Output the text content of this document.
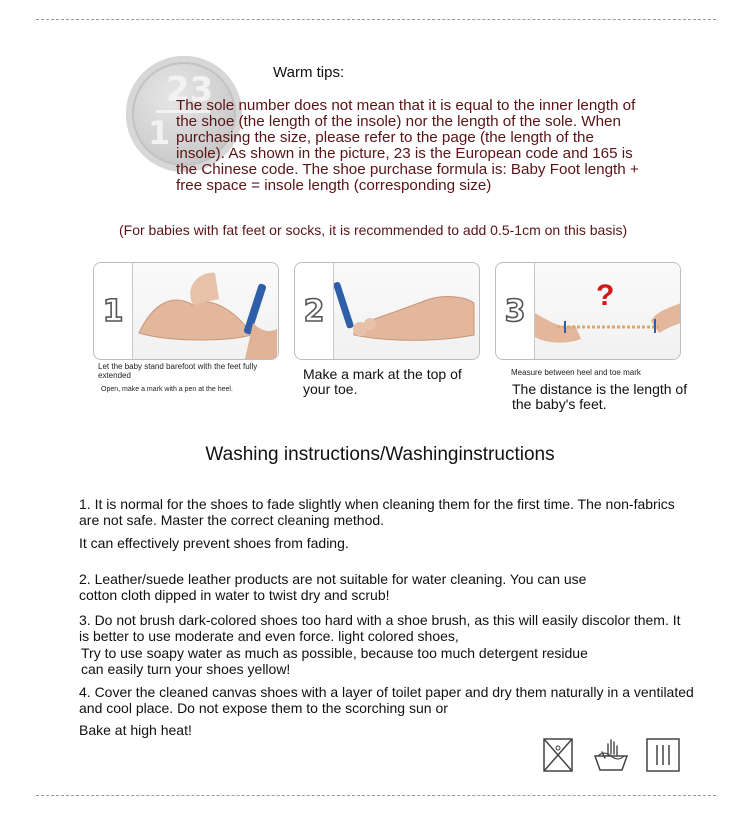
23
1
Warm tips:
The sole number does not mean that it is equal to the inner length of the shoe (the length of the insole) nor the length of the sole. When purchasing the size, please refer to the page (the length of the insole). As shown in the picture, 23 is the European code and 165 is the Chinese code. The shoe purchase formula is: Baby Foot length + free space = insole length (corresponding size)
(For babies with fat feet or socks, it is recommended to add 0.5-1cm on this basis)
1	2	3 ?
Let the baby stand barefoot with the feet fully extended
Open, make a mark with a pen at the heel.
Make a mark at the top of your toe.
Measure between heel and toe mark
The distance is the length of the baby's feet.
Washing instructions/Washinginstructions
1. It is normal for the shoes to fade slightly when cleaning them for the first time. The non-fabrics are not safe. Master the correct cleaning method.
It can effectively prevent shoes from fading.
2. Leather/suede leather products are not suitable for water cleaning. You can use cotton cloth dipped in water to twist dry and scrub!
3. Do not brush dark-colored shoes too hard with a shoe brush, as this will easily discolor them. It is better to use moderate and even force. light colored shoes,
Try to use soapy water as much as possible, because too much detergent residue can easily turn your shoes yellow!
4. Cover the cleaned canvas shoes with a layer of toilet paper and dry them naturally in a ventilated and cool place. Do not expose them to the scorching sun or
Bake at high heat!
